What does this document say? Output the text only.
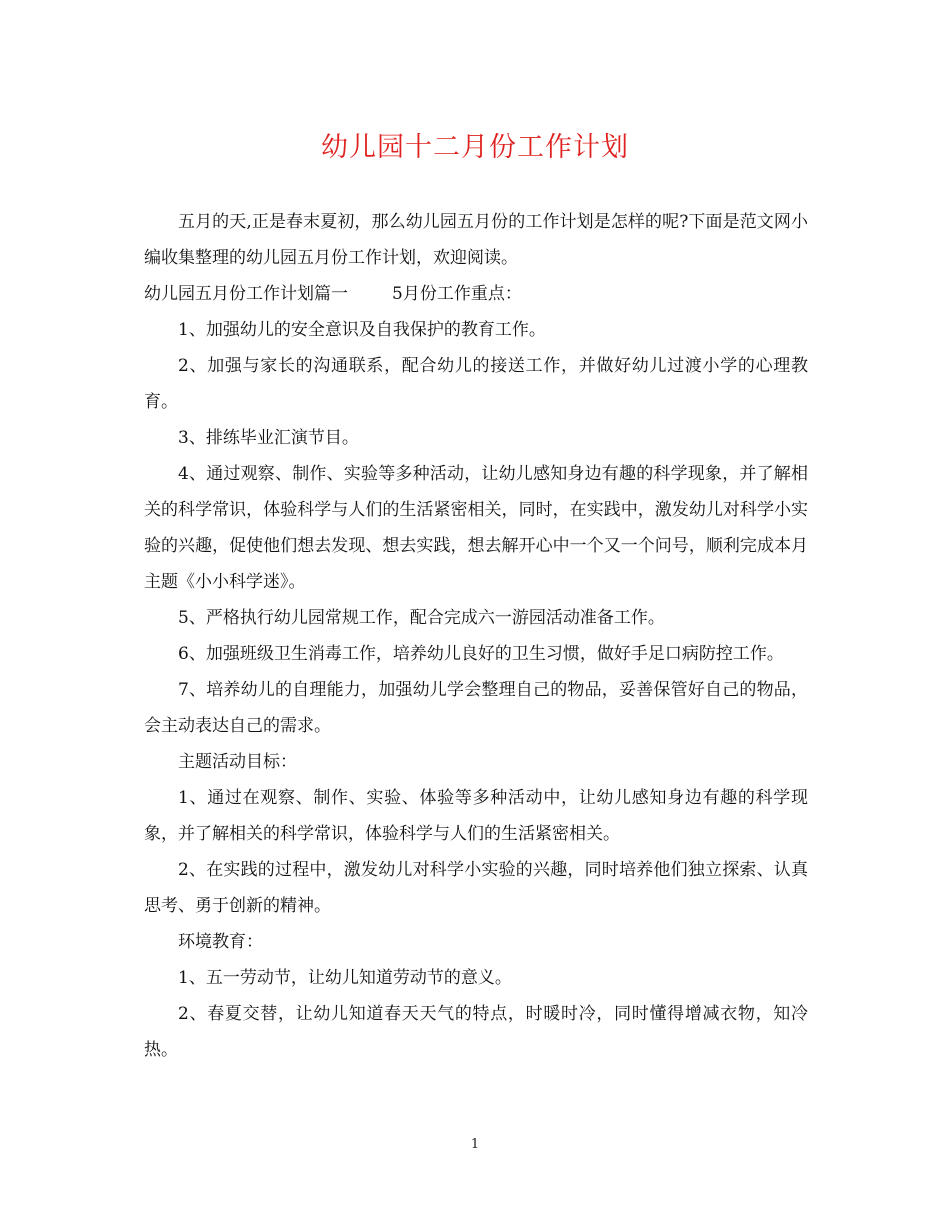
幼儿园十二月份工作计划

五月的天,正是春末夏初，那么幼儿园五月份的工作计划是怎样的呢?下面是范文网小编收集整理的幼儿园五月份工作计划，欢迎阅读。

幼儿园五月份工作计划篇一	5月份工作重点：

1、加强幼儿的安全意识及自我保护的教育工作。

2、加强与家长的沟通联系，配合幼儿的接送工作，并做好幼儿过渡小学的心理教育。

3、排练毕业汇演节目。

4、通过观察、制作、实验等多种活动，让幼儿感知身边有趣的科学现象，并了解相关的科学常识，体验科学与人们的生活紧密相关，同时，在实践中，激发幼儿对科学小实验的兴趣，促使他们想去发现、想去实践，想去解开心中一个又一个问号，顺利完成本月主题《小小科学迷》。

5、严格执行幼儿园常规工作，配合完成六一游园活动准备工作。

6、加强班级卫生消毒工作，培养幼儿良好的卫生习惯，做好手足口病防控工作。

7、培养幼儿的自理能力，加强幼儿学会整理自己的物品，妥善保管好自己的物品，会主动表达自己的需求。

主题活动目标：

1、通过在观察、制作、实验、体验等多种活动中，让幼儿感知身边有趣的科学现象，并了解相关的科学常识，体验科学与人们的生活紧密相关。

2、在实践的过程中，激发幼儿对科学小实验的兴趣，同时培养他们独立探索、认真思考、勇于创新的精神。

环境教育：

1、五一劳动节，让幼儿知道劳动节的意义。

2、春夏交替，让幼儿知道春天天气的特点，时暖时冷，同时懂得增减衣物，知冷热。

1
